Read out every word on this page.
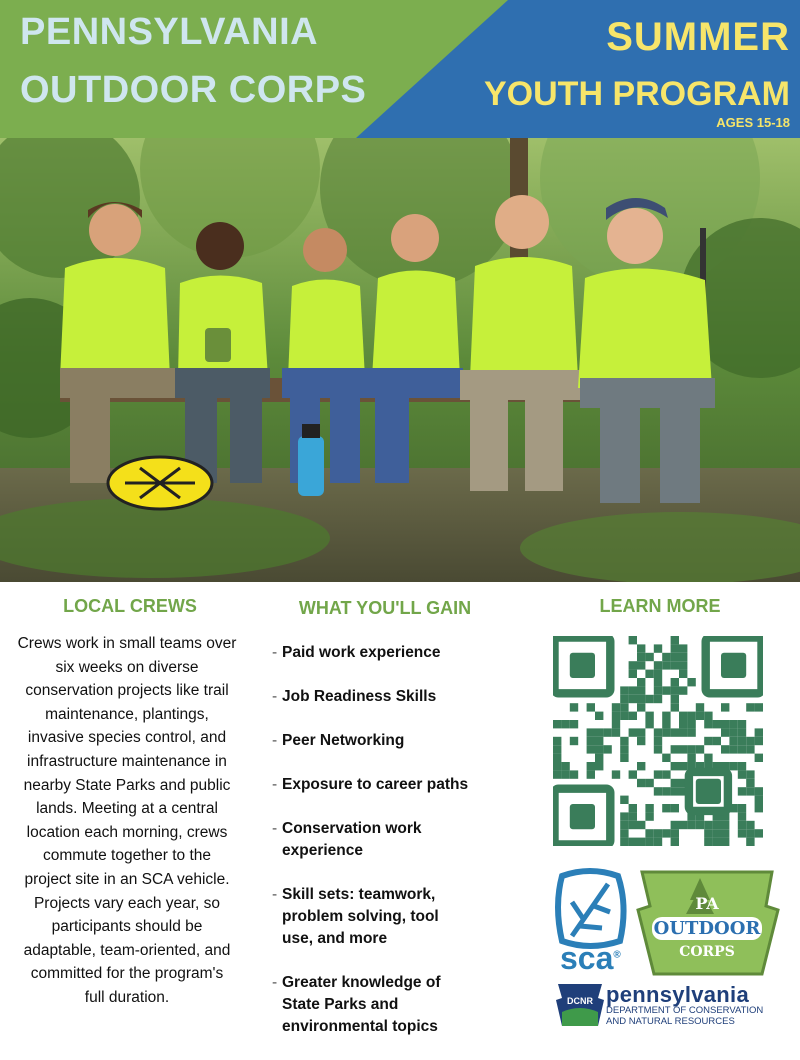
PENNSYLVANIA
OUTDOOR CORPS
SUMMER
YOUTH PROGRAM
AGES 15-18
LOCAL CREWS	WHAT YOU'LL GAIN	LEARN MORE
Crews work in small teams over
six weeks on diverse
conservation projects like trail
maintenance, plantings,
invasive species control, and
infrastructure maintenance in
nearby State Parks and public
lands. Meeting at a central
location each morning, crews
commute together to the
project site in an SCA vehicle.
Projects vary each year, so
participants should be
adaptable, team-oriented, and
committed for the program's
full duration.
- Paid work experience
- Job Readiness Skills
- Peer Networking
- Exposure to career paths
- Conservation work
experience
- Skill sets: teamwork,
problem solving, tool
use, and more
- Greater knowledge of
State Parks and
environmental topics
sca®
PA
OUTDOOR
CORPS
DCNR pennsylvania
DEPARTMENT OF CONSERVATION
AND NATURAL RESOURCES
